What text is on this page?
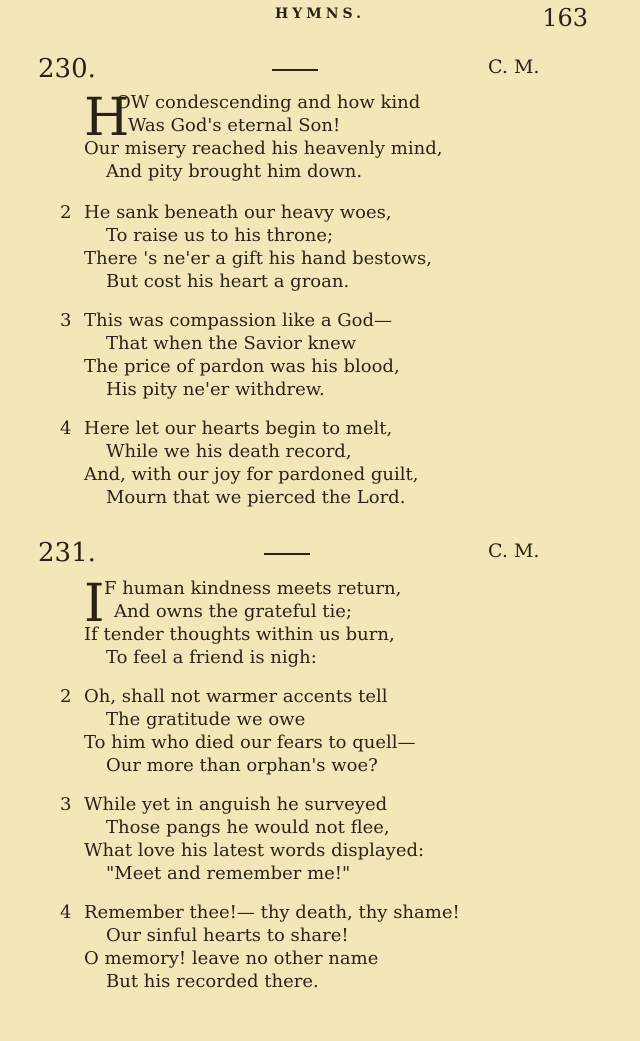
HYMNS.	163
230.	C. M.
H
OW condescending and how kind
Was God's eternal Son!
Our misery reached his heavenly mind,
And pity brought him down.
2 He sank beneath our heavy woes,
To raise us to his throne;
There 's ne'er a gift his hand bestows,
But cost his heart a groan.
3 This was compassion like a God—
That when the Savior knew
The price of pardon was his blood,
His pity ne'er withdrew.
4 Here let our hearts begin to melt,
While we his death record,
And, with our joy for pardoned guilt,
Mourn that we pierced the Lord.
231.	C. M.
I F human kindness meets return,
And owns the grateful tie;
If tender thoughts within us burn,
To feel a friend is nigh:
2 Oh, shall not warmer accents tell
The gratitude we owe
To him who died our fears to quell—
Our more than orphan's woe?
3 While yet in anguish he surveyed
Those pangs he would not flee,
What love his latest words displayed:
"Meet and remember me!"
4 Remember thee!— thy death, thy shame!
Our sinful hearts to share!
O memory! leave no other name
But his recorded there.
